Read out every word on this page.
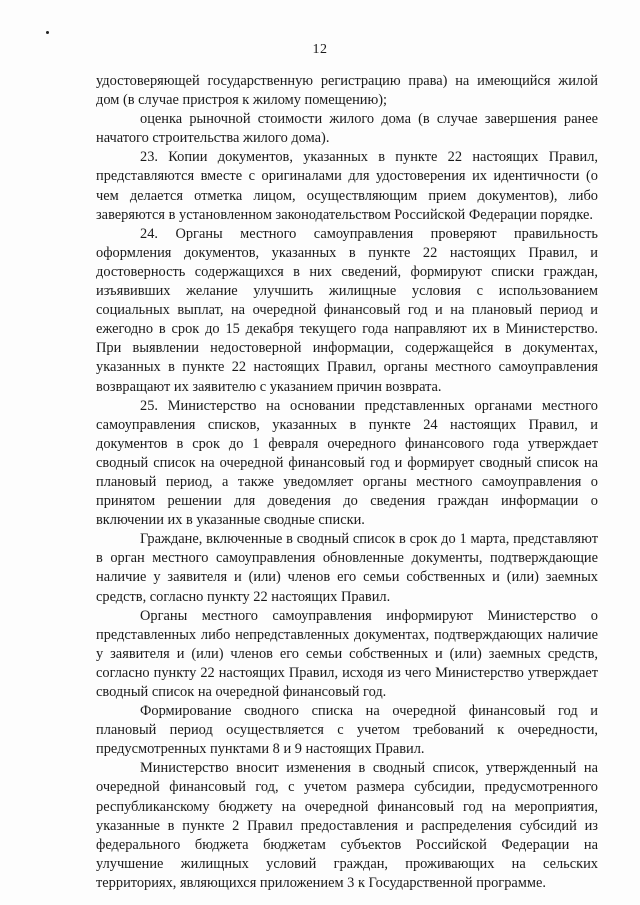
12

удостоверяющей государственную регистрацию права) на имеющийся жилой дом (в случае пристроя к жилому помещению);

оценка рыночной стоимости жилого дома (в случае завершения ранее начатого строительства жилого дома).

23. Копии документов, указанных в пункте 22 настоящих Правил, представляются вместе с оригиналами для удостоверения их идентичности (о чем делается отметка лицом, осуществляющим прием документов), либо заверяются в установленном законодательством Российской Федерации порядке.

24. Органы местного самоуправления проверяют правильность оформления документов, указанных в пункте 22 настоящих Правил, и достоверность содержащихся в них сведений, формируют списки граждан, изъявивших желание улучшить жилищные условия с использованием социальных выплат, на очередной финансовый год и на плановый период и ежегодно в срок до 15 декабря текущего года направляют их в Министерство. При выявлении недостоверной информации, содержащейся в документах, указанных в пункте 22 настоящих Правил, органы местного самоуправления возвращают их заявителю с указанием причин возврата.

25. Министерство на основании представленных органами местного самоуправления списков, указанных в пункте 24 настоящих Правил, и документов в срок до 1 февраля очередного финансового года утверждает сводный список на очередной финансовый год и формирует сводный список на плановый период, а также уведомляет органы местного самоуправления о принятом решении для доведения до сведения граждан информации о включении их в указанные сводные списки.

Граждане, включенные в сводный список в срок до 1 марта, представляют в орган местного самоуправления обновленные документы, подтверждающие наличие у заявителя и (или) членов его семьи собственных и (или) заемных средств, согласно пункту 22 настоящих Правил.

Органы местного самоуправления информируют Министерство о представленных либо непредставленных документах, подтверждающих наличие у заявителя и (или) членов его семьи собственных и (или) заемных средств, согласно пункту 22 настоящих Правил, исходя из чего Министерство утверждает сводный список на очередной финансовый год.

Формирование сводного списка на очередной финансовый год и плановый период осуществляется с учетом требований к очередности, предусмотренных пунктами 8 и 9 настоящих Правил.

Министерство вносит изменения в сводный список, утвержденный на очередной финансовый год, с учетом размера субсидии, предусмотренного республиканскому бюджету на очередной финансовый год на мероприятия, указанные в пункте 2 Правил предоставления и распределения субсидий из федерального бюджета бюджетам субъектов Российской Федерации на улучшение жилищных условий граждан, проживающих на сельских территориях, являющихся приложением 3 к Государственной программе.
